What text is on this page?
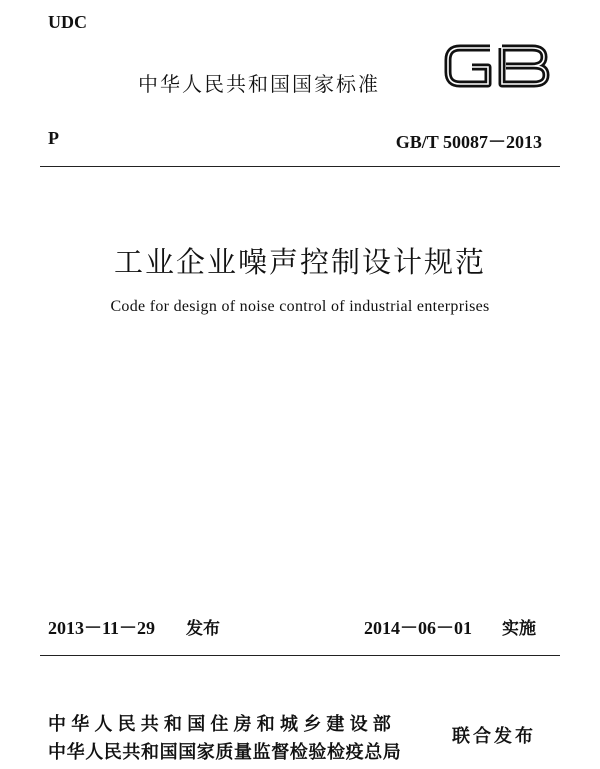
UDC
中华人民共和国国家标准
P	GB/T 50087－2013
工业企业噪声控制设计规范
Code for design of noise control of industrial enterprises
2013－11－29 发布	2014－06－01 实施
中华人民共和国住房和城乡建设部
中华人民共和国国家质量监督检验检疫总局
联合发布
